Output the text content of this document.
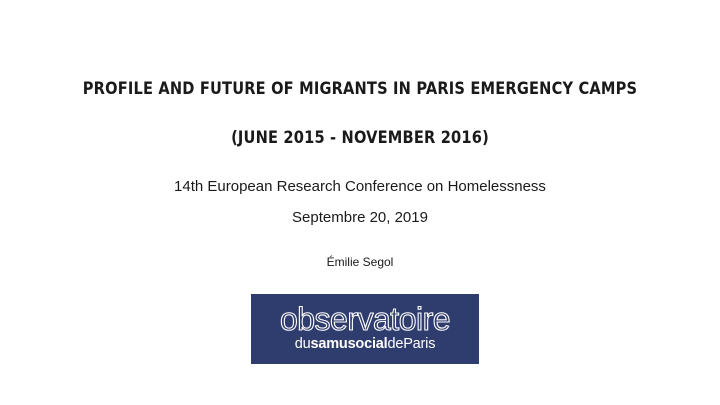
PROFILE AND FUTURE OF MIGRANTS IN PARIS EMERGENCY CAMPS
(JUNE 2015 - NOVEMBER 2016)
14th European Research Conference on Homelessness
Septembre 20, 2019
Émilie Segol
observatoire
dusamusocialdeParis
